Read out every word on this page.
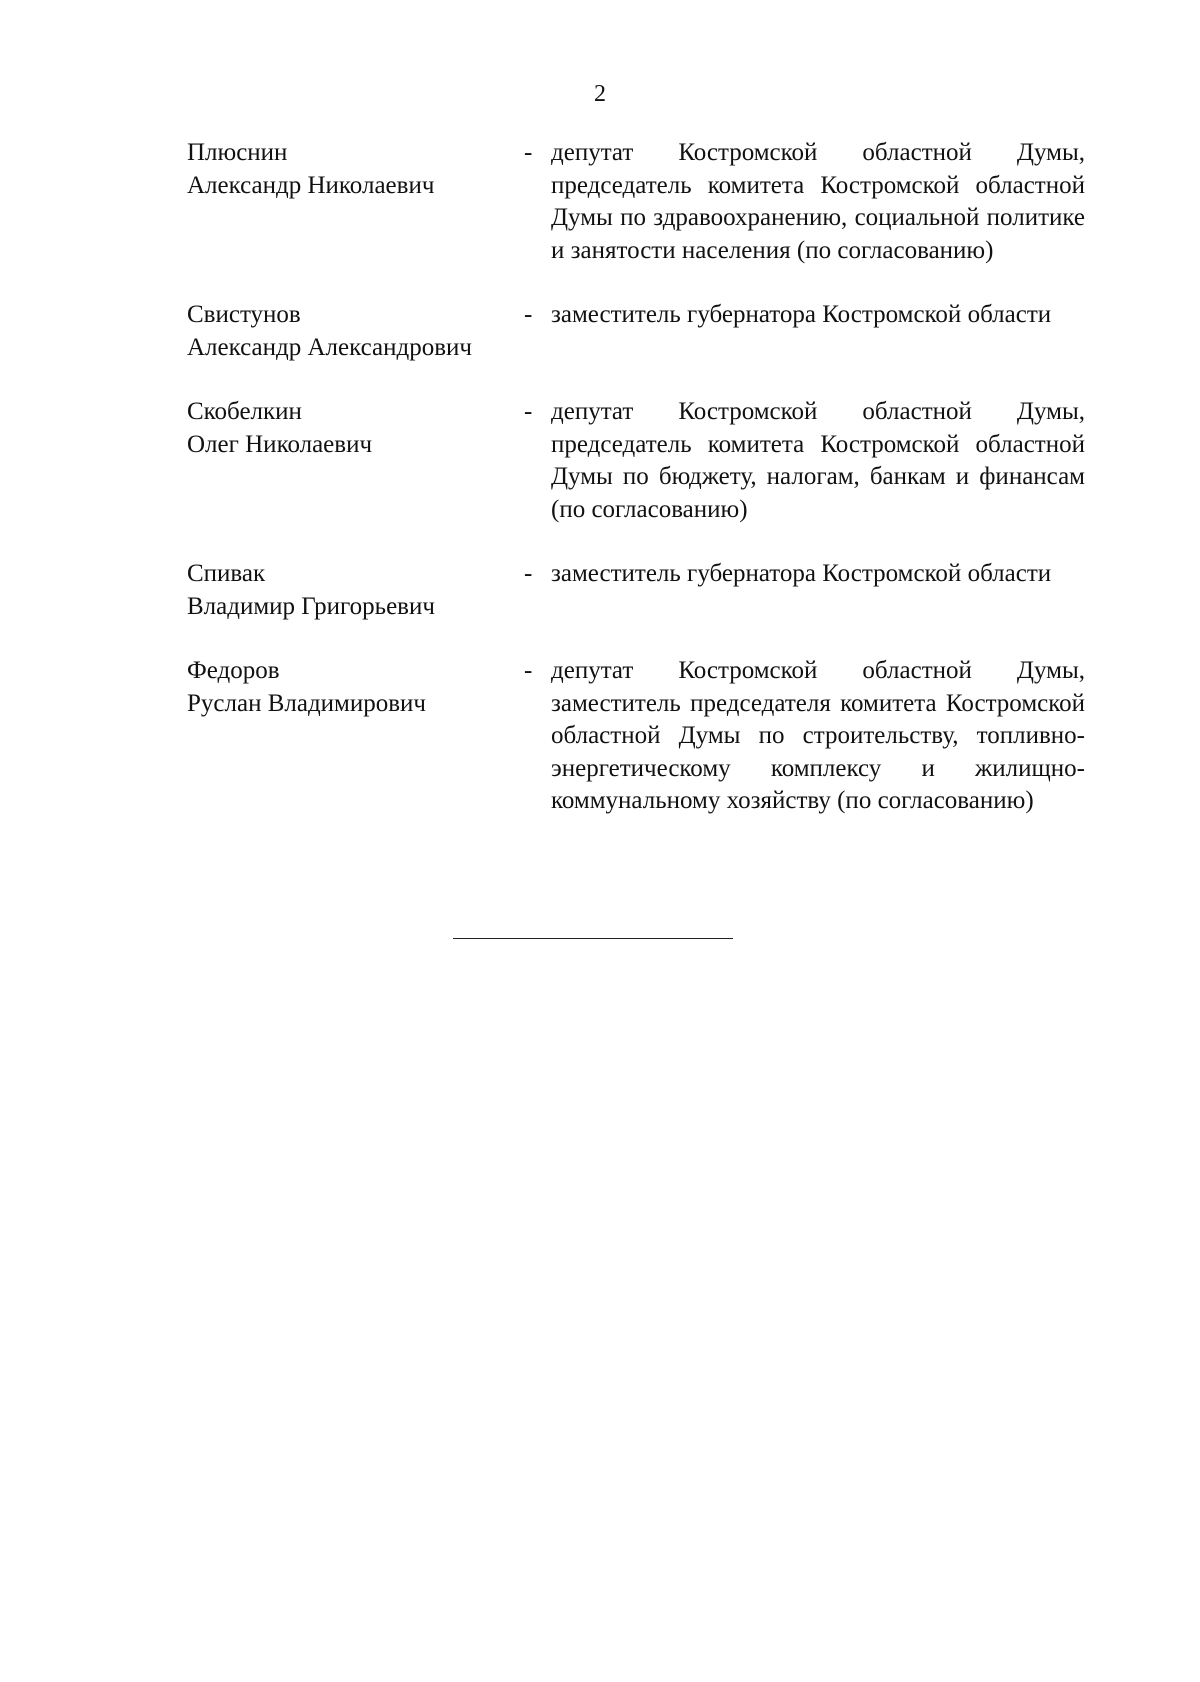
2
Плюснин
Александр Николаевич
- депутат Костромской областной Думы, председатель комитета Костромской областной Думы по здравоохранению, социальной политике и занятости населения (по согласованию)
Свистунов
Александр Александрович
- заместитель губернатора Костромской области
Скобелкин
Олег Николаевич
- депутат Костромской областной Думы, председатель комитета Костромской областной Думы по бюджету, налогам, банкам и финансам (по согласованию)
Спивак
Владимир Григорьевич
- заместитель губернатора Костромской области
Федоров
Руслан Владимирович
- депутат Костромской областной Думы, заместитель председателя комитета Костромской областной Думы по строительству, топливно-энергетическому комплексу и жилищно-коммунальному хозяйству (по согласованию)
